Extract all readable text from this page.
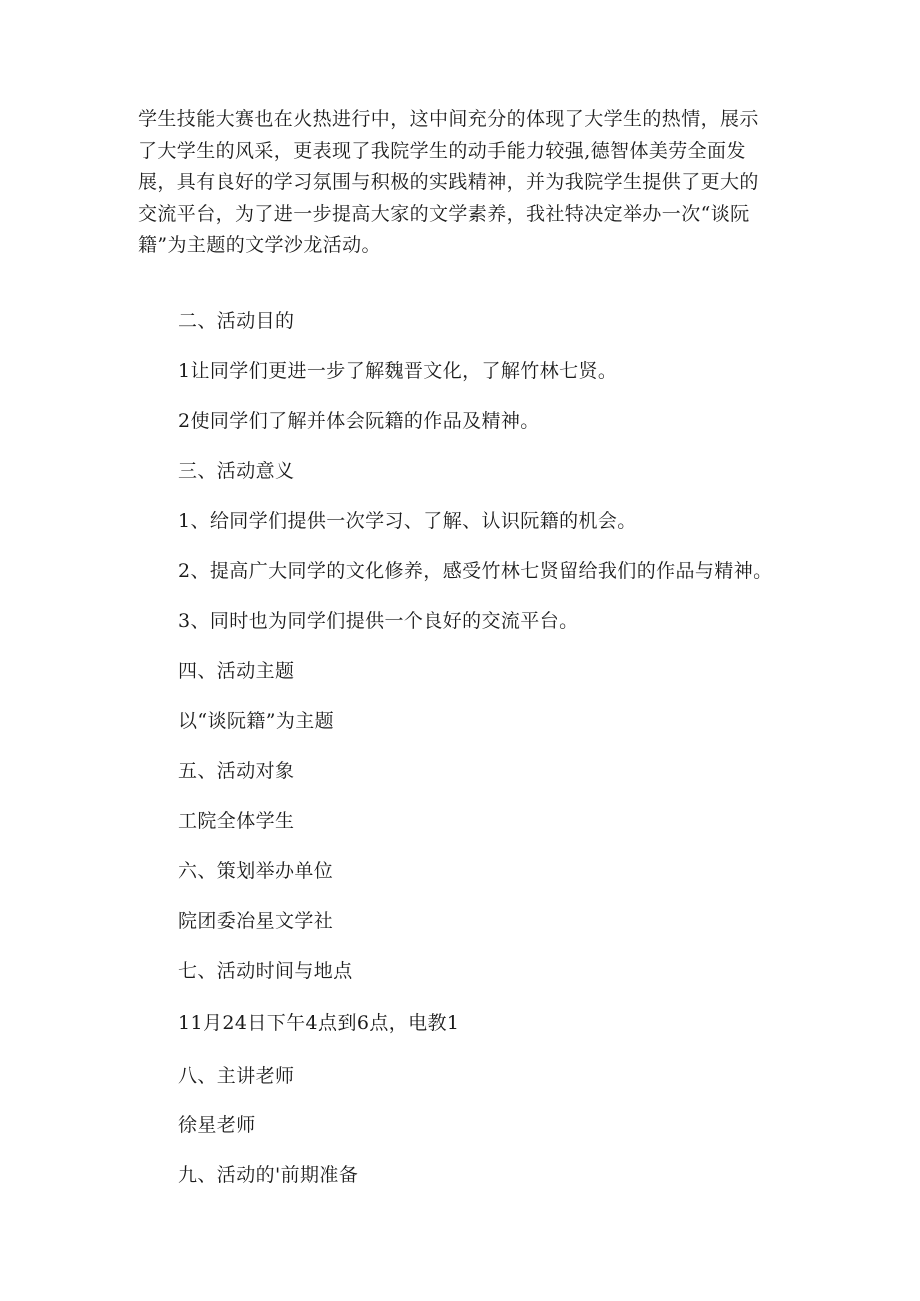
学生技能大赛也在火热进行中，这中间充分的体现了大学生的热情，展示
了大学生的风采，更表现了我院学生的动手能力较强,德智体美劳全面发
展，具有良好的学习氛围与积极的实践精神，并为我院学生提供了更大的
交流平台，为了进一步提高大家的文学素养，我社特决定举办一次“谈阮
籍”为主题的文学沙龙活动。
二、活动目的
1让同学们更进一步了解魏晋文化，了解竹林七贤。
2使同学们了解并体会阮籍的作品及精神。
三、活动意义
1、给同学们提供一次学习、了解、认识阮籍的机会。
2、提高广大同学的文化修养，感受竹林七贤留给我们的作品与精神。
3、同时也为同学们提供一个良好的交流平台。
四、活动主题
以“谈阮籍”为主题
五、活动对象
工院全体学生
六、策划举办单位
院团委冶星文学社
七、活动时间与地点
11月24日下午4点到6点，电教1
八、主讲老师
徐星老师
九、活动的'前期准备
